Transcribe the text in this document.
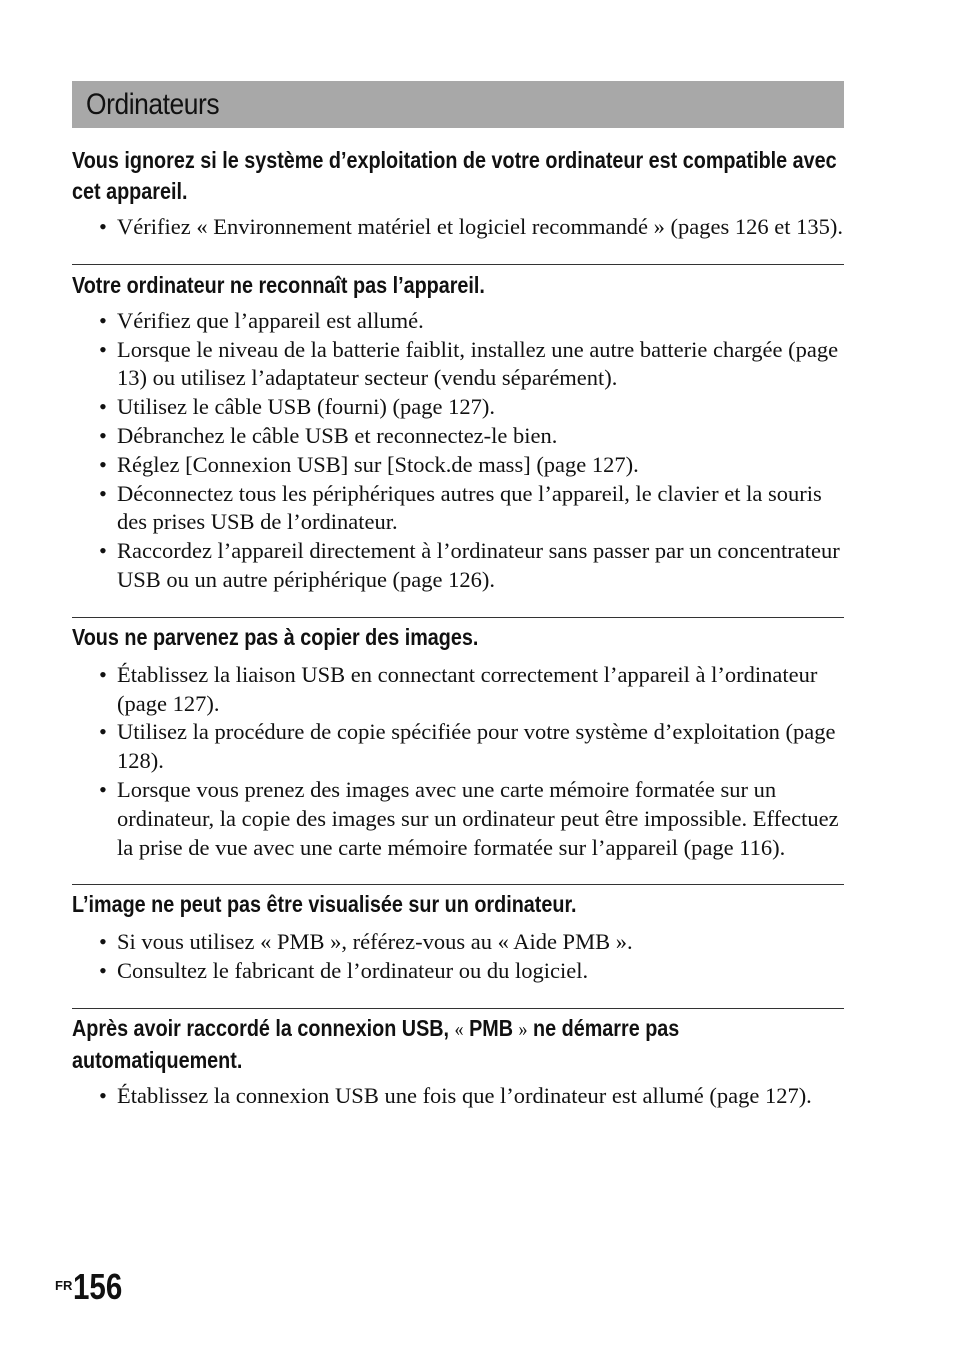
Ordinateurs
Vous ignorez si le système d’exploitation de votre ordinateur est compatible avec cet appareil.
• Vérifiez « Environnement matériel et logiciel recommandé » (pages 126 et 135).
Votre ordinateur ne reconnaît pas l’appareil.
• Vérifiez que l’appareil est allumé.
• Lorsque le niveau de la batterie faiblit, installez une autre batterie chargée (page 13) ou utilisez l’adaptateur secteur (vendu séparément).
• Utilisez le câble USB (fourni) (page 127).
• Débranchez le câble USB et reconnectez-le bien.
• Réglez [Connexion USB] sur [Stock.de mass] (page 127).
• Déconnectez tous les périphériques autres que l’appareil, le clavier et la souris des prises USB de l’ordinateur.
• Raccordez l’appareil directement à l’ordinateur sans passer par un concentrateur USB ou un autre périphérique (page 126).
Vous ne parvenez pas à copier des images.
• Établissez la liaison USB en connectant correctement l’appareil à l’ordinateur (page 127).
• Utilisez la procédure de copie spécifiée pour votre système d’exploitation (page 128).
• Lorsque vous prenez des images avec une carte mémoire formatée sur un ordinateur, la copie des images sur un ordinateur peut être impossible. Effectuez la prise de vue avec une carte mémoire formatée sur l’appareil (page 116).
L’image ne peut pas être visualisée sur un ordinateur.
• Si vous utilisez « PMB », référez-vous au « Aide PMB ».
• Consultez le fabricant de l’ordinateur ou du logiciel.
Après avoir raccordé la connexion USB, « PMB » ne démarre pas automatiquement.
• Établissez la connexion USB une fois que l’ordinateur est allumé (page 127).
FR 156
